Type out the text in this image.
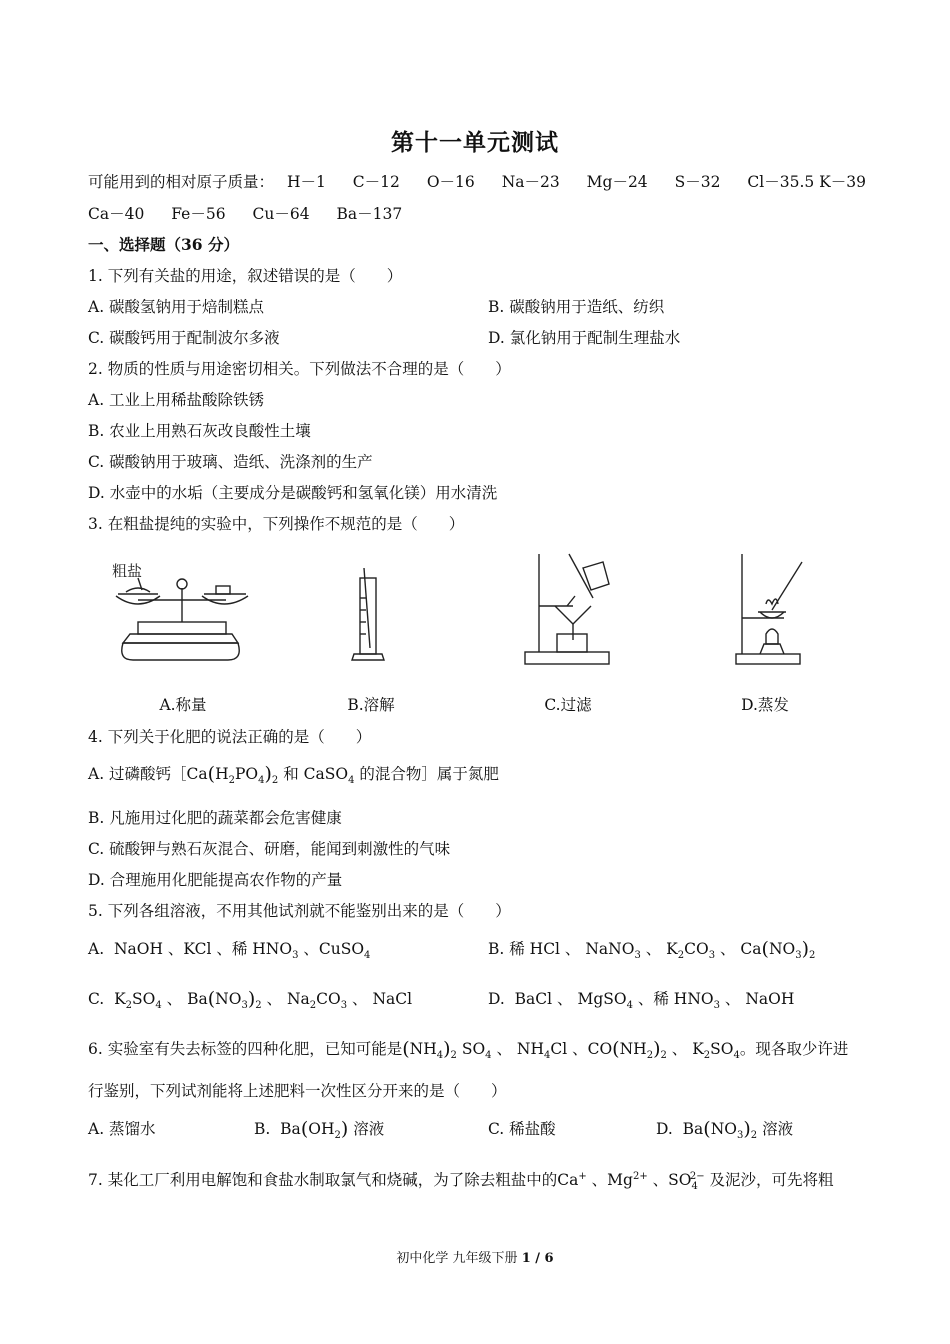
第十一单元测试
可能用到的相对原子质量： H－1 C－12 O－16 Na－23 Mg－24 S－32 Cl－35.5 K－39
Ca－40 Fe－56 Cu－64 Ba－137
一、选择题（36 分）
1. 下列有关盐的用途，叙述错误的是（　　）
A. 碳酸氢钠用于焙制糕点	B. 碳酸钠用于造纸、纺织
C. 碳酸钙用于配制波尔多液	D. 氯化钠用于配制生理盐水
2. 物质的性质与用途密切相关。下列做法不合理的是（　　）
A. 工业上用稀盐酸除铁锈
B. 农业上用熟石灰改良酸性土壤
C. 碳酸钠用于玻璃、造纸、洗涤剂的生产
D. 水壶中的水垢（主要成分是碳酸钙和氢氧化镁）用水清洗
3. 在粗盐提纯的实验中，下列操作不规范的是（　　）
粗盐
A.称量	B.溶解	C.过滤	D.蒸发
4. 下列关于化肥的说法正确的是（　　）
A. 过磷酸钙$[Ca(H_2PO_4)_2$ 和 CaSO$_4$ 的混合物］属于氮肥
B. 凡施用过化肥的蔬菜都会危害健康
C. 硫酸钾与熟石灰混合、研磨，能闻到刺激性的气味
D. 合理施用化肥能提高农作物的产量
5. 下列各组溶液，不用其他试剂就不能鉴别出来的是（　　）
A.  NaOH 、KCl 、稀 $HNO_3$ 、CuSO$_4$	B. 稀 HCl 、 NaNO$_3$ 、 $K_2CO_3$ 、 $Ca(NO_3)_2$
C.  $K_2SO_4$ 、 $Ba(NO_3)_2$ 、 $Na_2CO_3$ 、 NaCl	D.  BaCl 、 MgSO$_4$ 、稀 $HNO_3$ 、 NaOH
6. 实验室有失去标签的四种化肥，已知可能是$(NH_4)_2$ $SO_4$ 、 $NH_4Cl$ 、$CO(NH_2)_2$ 、 $K_2SO_4$。现各取少许进
行鉴别，下列试剂能将上述肥料一次性区分开来的是（　　）
A. 蒸馏水	B.  $Ba(OH_2)$ 溶液	C. 稀盐酸	D.  $Ba(NO_3)_2$ 溶液
7. 某化工厂利用电解饱和食盐水制取氯气和烧碱，为了除去粗盐中的Ca+ 、$Mg^{2+}$ 、$SO_4^{2-}$ 及泥沙，可先将粗
初中化学 九年级下册 1 / 6
